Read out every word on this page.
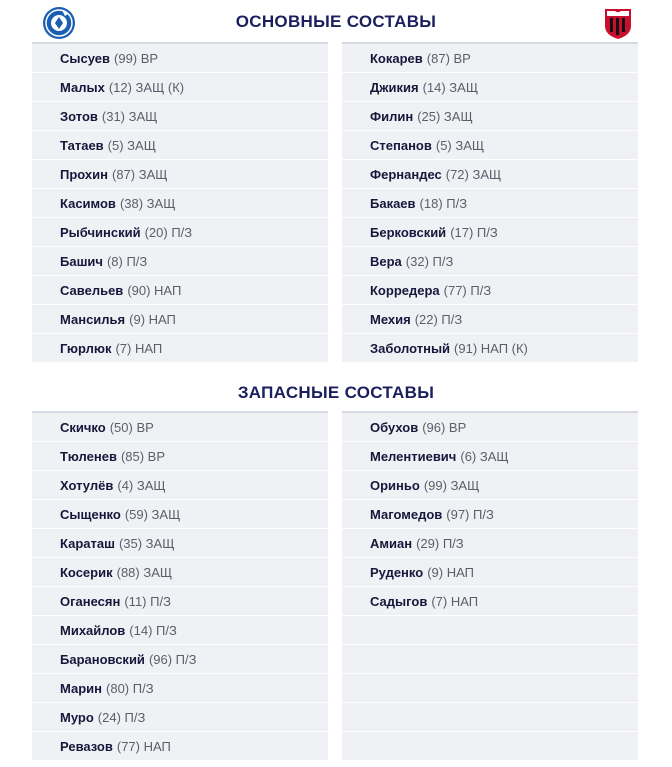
ОСНОВНЫЕ СОСТАВЫ
Сысуев (99) ВР
Малых (12) ЗАЩ (К)
Зотов (31) ЗАЩ
Татаев (5) ЗАЩ
Прохин (87) ЗАЩ
Касимов (38) ЗАЩ
Рыбчинский (20) П/З
Башич (8) П/З
Савельев (90) НАП
Мансилья (9) НАП
Гюрлюк (7) НАП
Кокарев (87) ВР
Джикия (14) ЗАЩ
Филин (25) ЗАЩ
Степанов (5) ЗАЩ
Фернандес (72) ЗАЩ
Бакаев (18) П/З
Берковский (17) П/З
Вера (32) П/З
Корредера (77) П/З
Мехия (22) П/З
Заболотный (91) НАП (К)
ЗАПАСНЫЕ СОСТАВЫ
Скичко (50) ВР
Тюленев (85) ВР
Хотулёв (4) ЗАЩ
Сыщенко (59) ЗАЩ
Караташ (35) ЗАЩ
Косерик (88) ЗАЩ
Оганесян (11) П/З
Михайлов (14) П/З
Барановский (96) П/З
Марин (80) П/З
Муро (24) П/З
Ревазов (77) НАП
Обухов (96) ВР
Мелентиевич (6) ЗАЩ
Ориньо (99) ЗАЩ
Магомедов (97) П/З
Амиан (29) П/З
Руденко (9) НАП
Садыгов (7) НАП
